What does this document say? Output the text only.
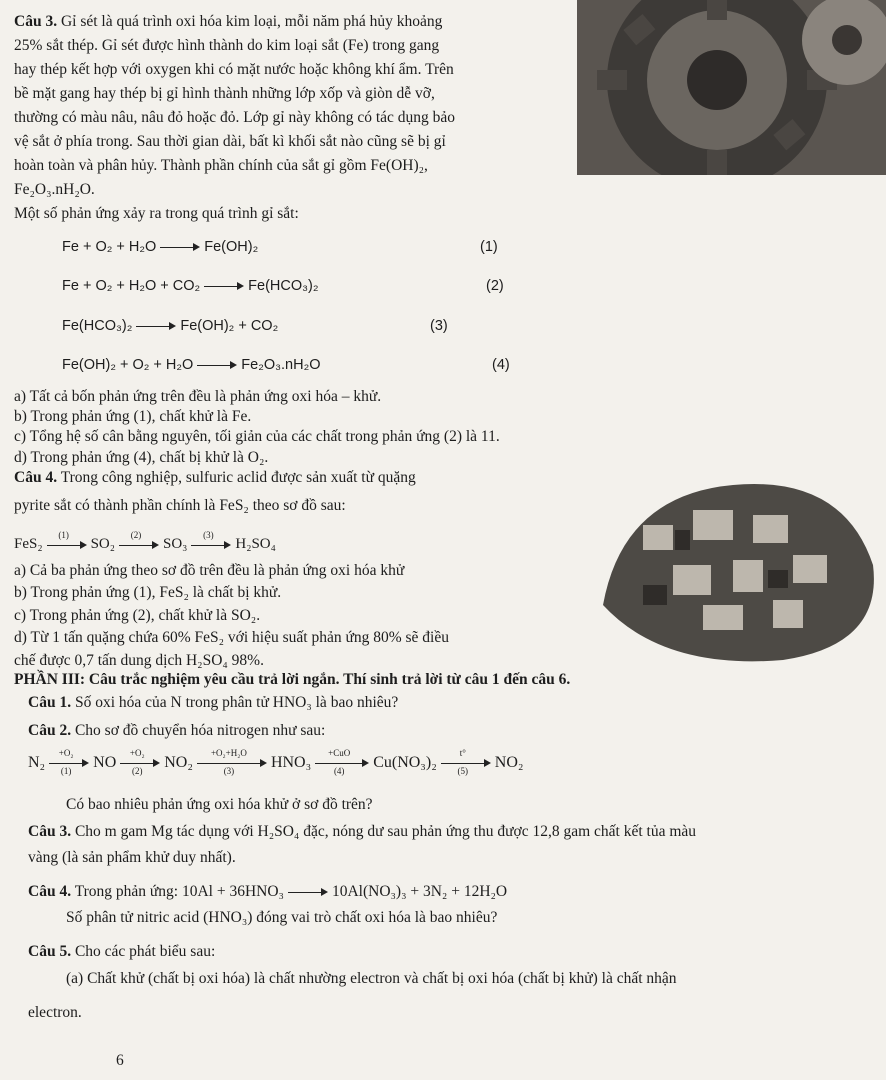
Câu 3. Gỉ sét là quá trình oxi hóa kim loại, mỗi năm phá hủy khoảng
25% sắt thép. Gỉ sét được hình thành do kim loại sắt (Fe) trong gang
hay thép kết hợp với oxygen khi có mặt nước hoặc không khí ẩm. Trên
bề mặt gang hay thép bị gỉ hình thành những lớp xốp và giòn dễ vỡ,
thường có màu nâu, nâu đỏ hoặc đỏ. Lớp gỉ này không có tác dụng bảo
vệ sắt ở phía trong. Sau thời gian dài, bất kì khối sắt nào cũng sẽ bị gỉ
hoàn toàn và phân hủy. Thành phần chính của sắt gỉ gồm Fe(OH)₂,
Fe₂O₃.nH₂O.
Một số phản ứng xảy ra trong quá trình gỉ sắt:
Fe + O₂ + H₂O	Fe(OH)₂	(1)
Fe + O₂ + H₂O + CO₂	Fe(HCO₃)₂	(2)
Fe(HCO₃)₂	Fe(OH)₂ + CO₂	(3)
Fe(OH)₂ + O₂ + H₂O	Fe₂O₃.nH₂O	(4)
a) Tất cả bốn phản ứng trên đều là phản ứng oxi hóa – khử.
b) Trong phản ứng (1), chất khử là Fe.
c) Tổng hệ số cân bằng nguyên, tối giản của các chất trong phản ứng (2) là 11.
d) Trong phản ứng (4), chất bị khử là O₂.
Câu 4. Trong công nghiệp, sulfuric aclid được sản xuất từ quặng
pyrite sắt có thành phần chính là FeS₂ theo sơ đồ sau:
FeS₂
(1)
SO₂
(2)
SO₃
(3)
H₂SO₄
a) Cả ba phản ứng theo sơ đồ trên đều là phản ứng oxi hóa khử
b) Trong phản ứng (1), FeS₂ là chất bị khử.
c) Trong phản ứng (2), chất khử là SO₂.
d) Từ 1 tấn quặng chứa 60% FeS₂ với hiệu suất phản ứng 80% sẽ điều
chế được 0,7 tấn dung dịch H₂SO₄ 98%.
PHẦN III: Câu trắc nghiệm yêu cầu trả lời ngắn. Thí sinh trả lời từ câu 1 đến câu 6.
Câu 1. Số oxi hóa của N trong phân tử HNO₃ là bao nhiêu?
Câu 2. Cho sơ đồ chuyển hóa nitrogen như sau:
N₂
+O₂
(1)
NO
+O₂
(2)
NO₂
+O₂+H₂O
(3)
HNO₃
+CuO
(4)
Cu(NO₃)₂
t°
(5)
NO₂
Có bao nhiêu phản ứng oxi hóa khử ở sơ đồ trên?
Câu 3. Cho m gam Mg tác dụng với H₂SO₄ đặc, nóng dư sau phản ứng thu được 12,8 gam chất kết tủa màu
vàng (là sản phẩm khử duy nhất).
Câu 4. Trong phản ứng: 10Al + 36HNO₃	10Al(NO₃)₃ + 3N₂ + 12H₂O
Số phân tử nitric acid (HNO₃) đóng vai trò chất oxi hóa là bao nhiêu?
Câu 5. Cho các phát biểu sau:
(a) Chất khử (chất bị oxi hóa) là chất nhường electron và chất bị oxi hóa (chất bị khử) là chất nhận
electron.
6
